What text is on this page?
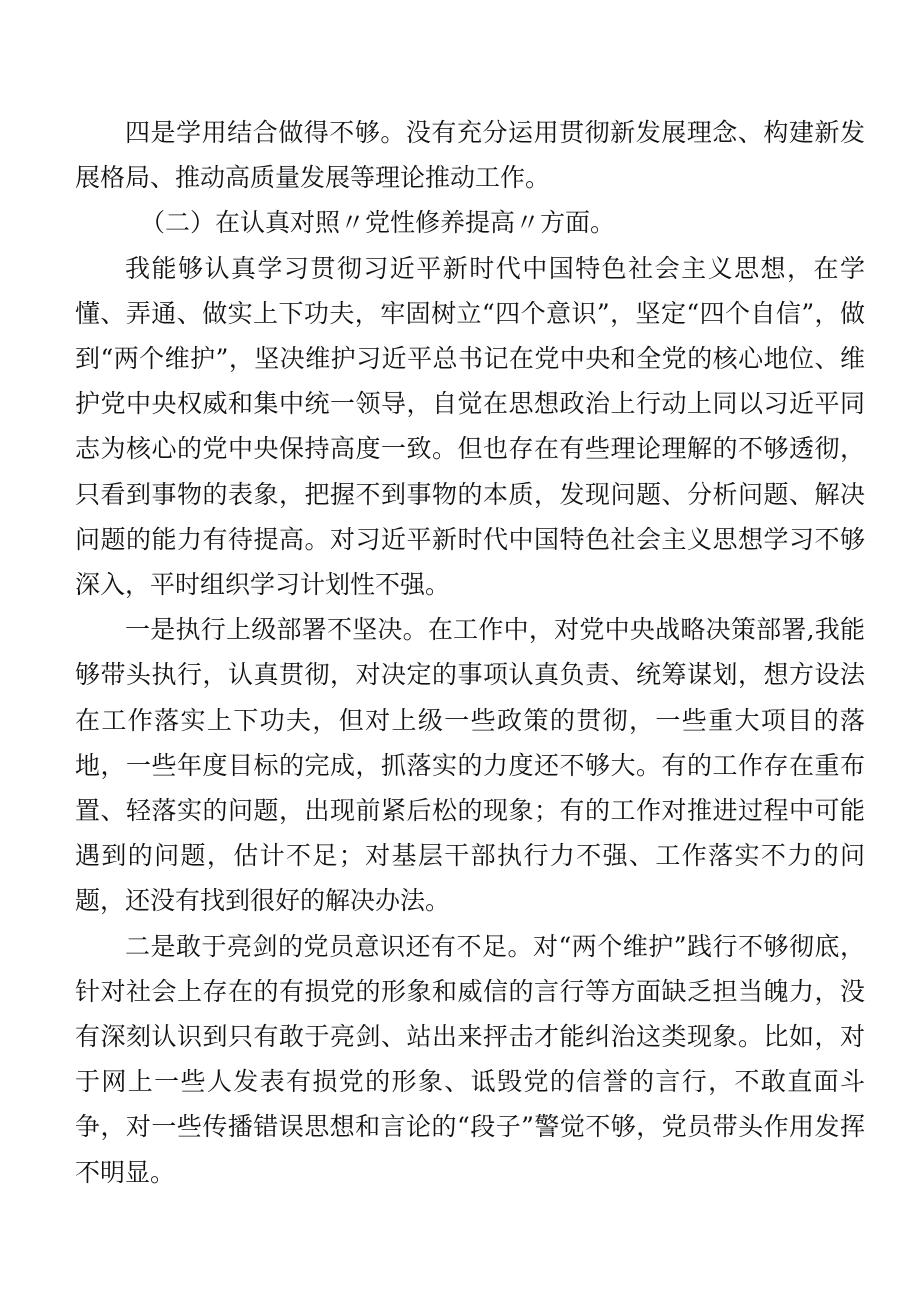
四是学用结合做得不够。没有充分运用贯彻新发展理念、构建新发展格局、推动高质量发展等理论推动工作。

（二）在认真对照〃党性修养提高〃方面。

我能够认真学习贯彻习近平新时代中国特色社会主义思想，在学懂、弄通、做实上下功夫，牢固树立“四个意识”，坚定“四个自信”，做到“两个维护”，坚决维护习近平总书记在党中央和全党的核心地位、维护党中央权威和集中统一领导，自觉在思想政治上行动上同以习近平同志为核心的党中央保持高度一致。但也存在有些理论理解的不够透彻，只看到事物的表象，把握不到事物的本质，发现问题、分析问题、解决问题的能力有待提高。对习近平新时代中国特色社会主义思想学习不够深入，平时组织学习计划性不强。

一是执行上级部署不坚决。在工作中，对党中央战略决策部署,我能够带头执行，认真贯彻，对决定的事项认真负责、统筹谋划，想方设法在工作落实上下功夫，但对上级一些政策的贯彻，一些重大项目的落地，一些年度目标的完成，抓落实的力度还不够大。有的工作存在重布置、轻落实的问题，出现前紧后松的现象；有的工作对推进过程中可能遇到的问题，估计不足；对基层干部执行力不强、工作落实不力的问题，还没有找到很好的解决办法。

二是敢于亮剑的党员意识还有不足。对“两个维护”践行不够彻底，针对社会上存在的有损党的形象和威信的言行等方面缺乏担当魄力，没有深刻认识到只有敢于亮剑、站出来抨击才能纠治这类现象。比如，对于网上一些人发表有损党的形象、诋毁党的信誉的言行，不敢直面斗争，对一些传播错误思想和言论的“段子”警觉不够，党员带头作用发挥不明显。
